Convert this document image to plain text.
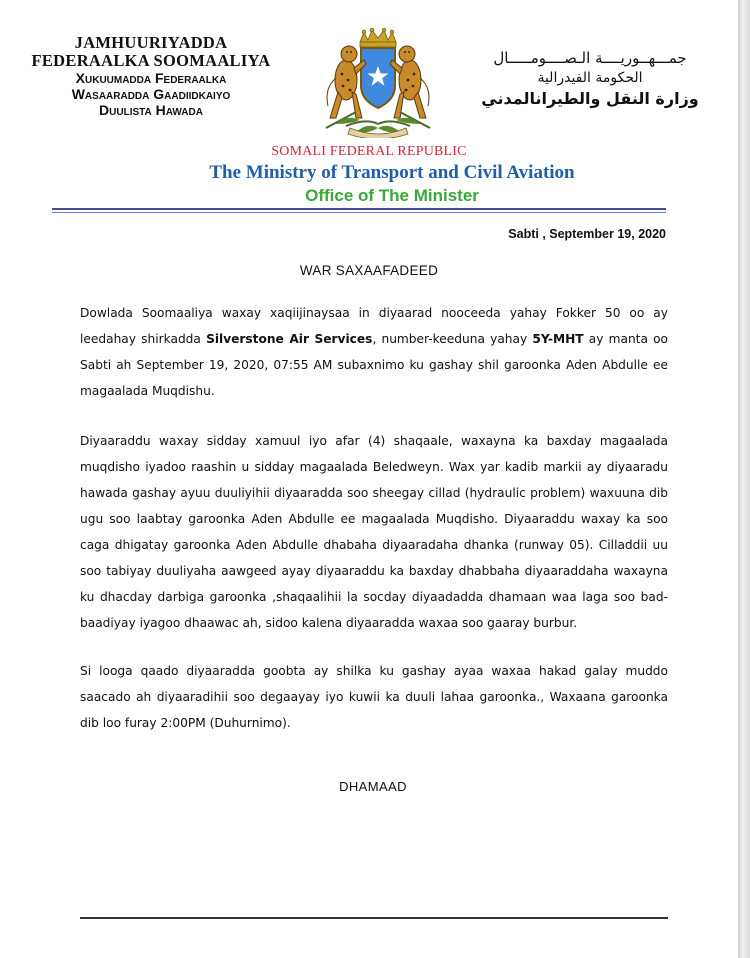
JAMHUURIYADDA
FEDERAALKA SOOMAALIYA
Xukuumadda Federaalka
Wasaaradda Gaadiidkaiyo
Duulista Hawada
جمـــهــوريــــة الـصــــومـــــال
الحكومة الفيدرالية
وزارة النقل والطيرانالمدني
SOMALI FEDERAL REPUBLIC
The Ministry of Transport and Civil Aviation
Office of The Minister
Sabti , September 19, 2020
WAR SAXAAFADEED
Dowlada Soomaaliya waxay xaqiijinaysaa in diyaarad nooceeda yahay Fokker 50 oo ay leedahay shirkadda Silverstone Air Services, number-keeduna yahay 5Y-MHT ay manta oo Sabti ah September 19, 2020, 07:55 AM subaxnimo ku gashay shil garoonka Aden Abdulle ee magaalada Muqdishu.
Diyaaraddu waxay sidday xamuul iyo afar (4) shaqaale, waxayna ka baxday magaalada muqdisho iyadoo raashin u sidday magaalada Beledweyn. Wax yar kadib markii ay diyaaradu hawada gashay ayuu duuliyihii diyaaradda soo sheegay cillad (hydraulic problem) waxuuna dib ugu soo laabtay garoonka Aden Abdulle ee magaalada Muqdisho. Diyaaraddu waxay ka soo caga dhigatay garoonka Aden Abdulle dhabaha diyaaradaha dhanka (runway 05). Cilladdii uu soo tabiyay duuliyaha aawgeed ayay diyaaraddu ka baxday dhabbaha diyaaraddaha waxayna ku dhacday darbiga garoonka ,shaqaalihii la socday diyaadadda dhamaan waa laga soo bad-baadiyay iyagoo dhaawac ah, sidoo kalena diyaaradda waxaa soo gaaray burbur.
Si looga qaado diyaaradda goobta ay shilka ku gashay ayaa waxaa hakad galay muddo saacado ah diyaaradihii soo degaayay iyo kuwii ka duuli lahaa garoonka., Waxaana garoonka dib loo furay 2:00PM (Duhurnimo).
DHAMAAD
